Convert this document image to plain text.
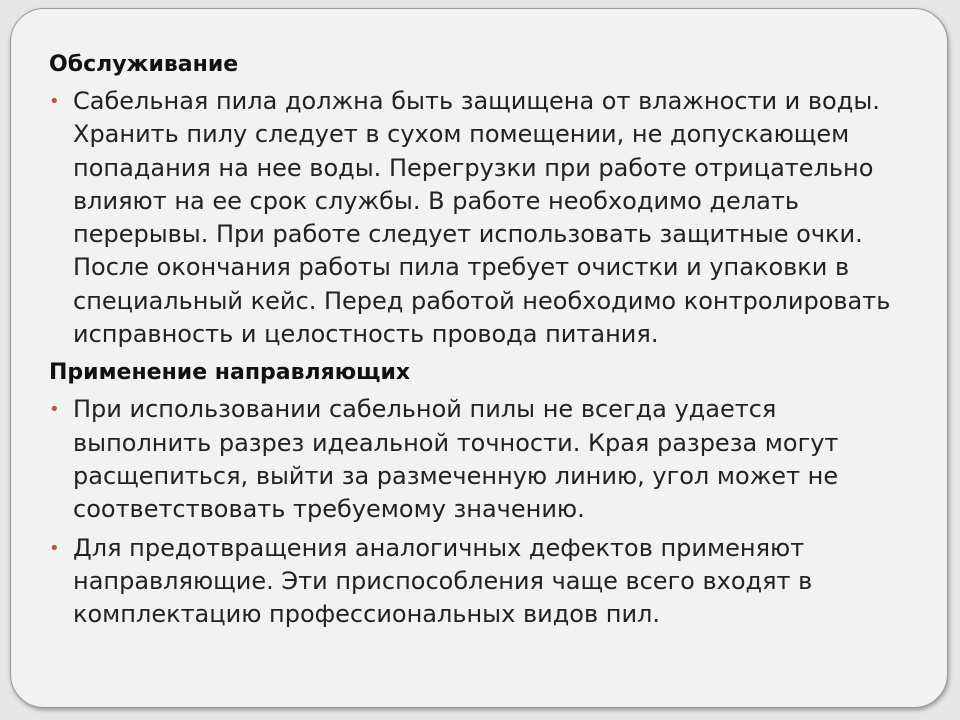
Обслуживание

• Сабельная пила должна быть защищена от влажности и воды. Хранить пилу следует в сухом помещении, не допускающем попадания на нее воды. Перегрузки при работе отрицательно влияют на ее срок службы. В работе необходимо делать перерывы. При работе следует использовать защитные очки. После окончания работы пила требует очистки и упаковки в специальный кейс. Перед работой необходимо контролировать исправность и целостность провода питания.

Применение направляющих

• При использовании сабельной пилы не всегда удается выполнить разрез идеальной точности. Края разреза могут расщепиться, выйти за размеченную линию, угол может не соответствовать требуемому значению.
• Для предотвращения аналогичных дефектов применяют направляющие. Эти приспособления чаще всего входят в комплектацию профессиональных видов пил.
